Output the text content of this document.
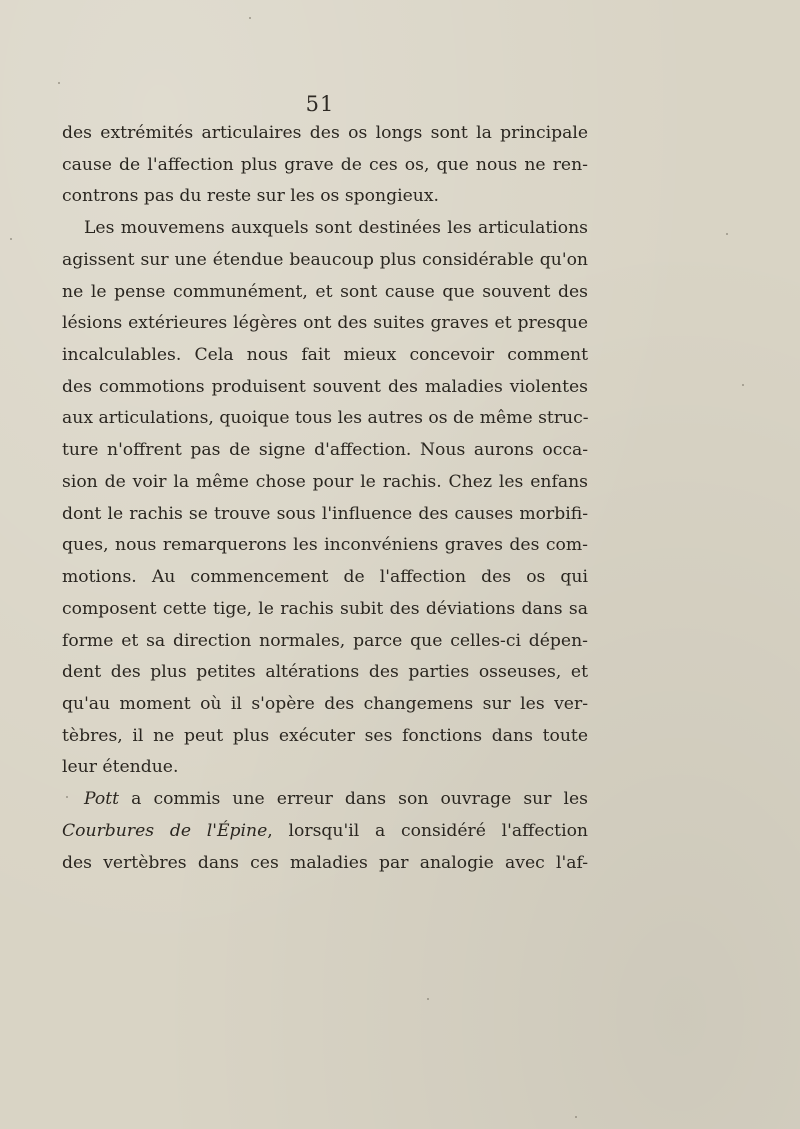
51
des extrémités articulaires des os longs sont la principale
cause de l'affection plus grave de ces os, que nous ne ren-
controns pas du reste sur les os spongieux.
Les mouvemens auxquels sont destinées les articulations
agissent sur une étendue beaucoup plus considérable qu'on
ne le pense communément, et sont cause que souvent des
lésions extérieures légères ont des suites graves et presque
incalculables. Cela nous fait mieux concevoir comment
des commotions produisent souvent des maladies violentes
aux articulations, quoique tous les autres os de même struc-
ture n'offrent pas de signe d'affection. Nous aurons occa-
sion de voir la même chose pour le rachis. Chez les enfans
dont le rachis se trouve sous l'influence des causes morbifi-
ques, nous remarquerons les inconvéniens graves des com-
motions. Au commencement de l'affection des os qui
composent cette tige, le rachis subit des déviations dans sa
forme et sa direction normales, parce que celles-ci dépen-
dent des plus petites altérations des parties osseuses, et
qu'au moment où il s'opère des changemens sur les ver-
tèbres, il ne peut plus exécuter ses fonctions dans toute
leur étendue.
Pott a commis une erreur dans son ouvrage sur les
Courbures de l'Épine, lorsqu'il a considéré l'affection
des vertèbres dans ces maladies par analogie avec l'af-
